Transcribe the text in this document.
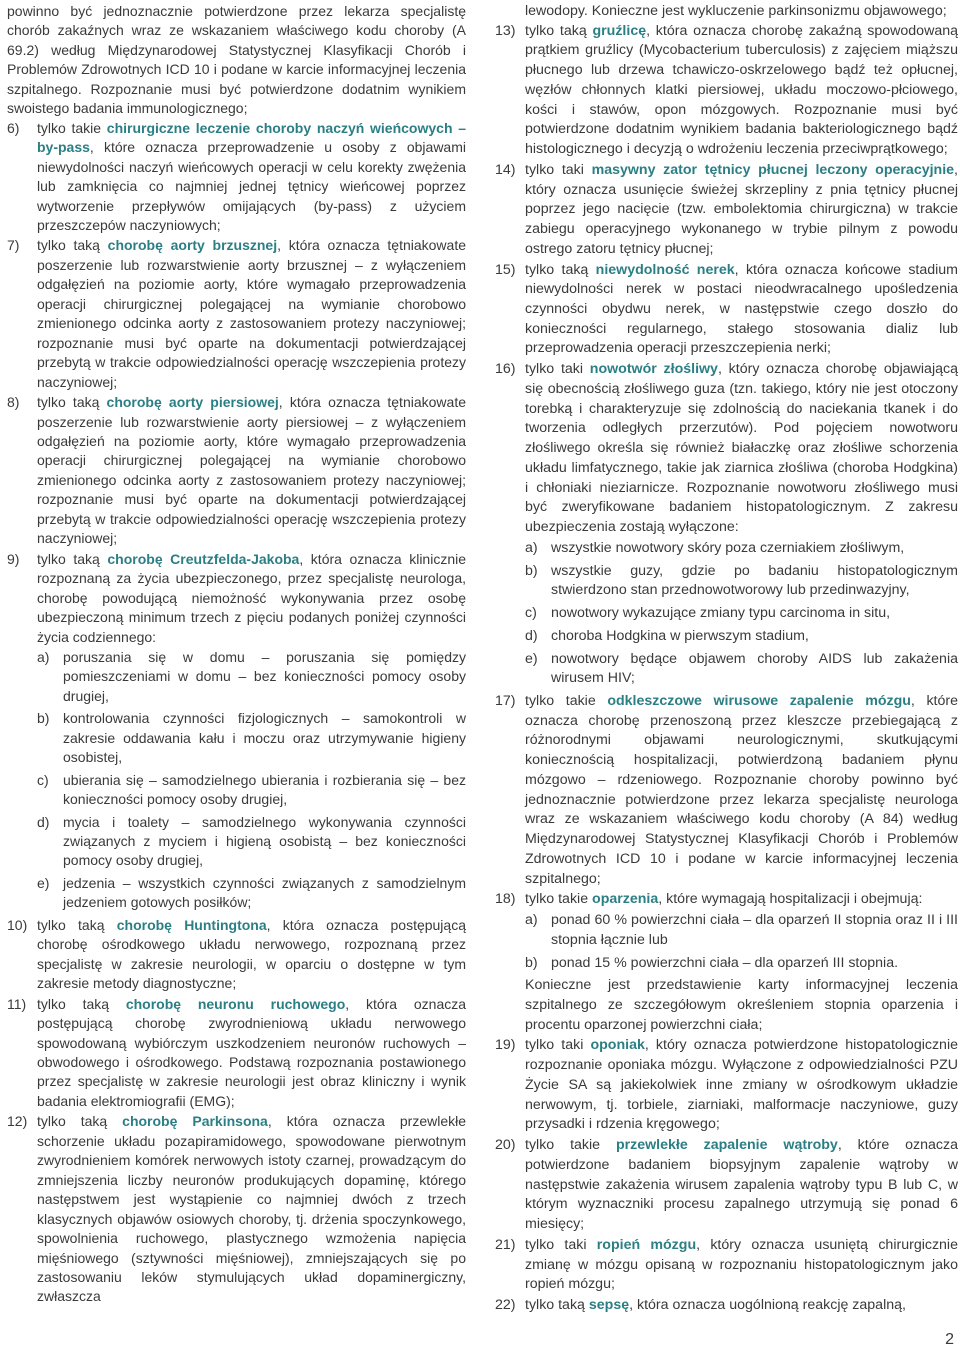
powinno być jednoznacznie potwierdzone przez lekarza specjalistę chorób zakaźnych wraz ze wskazaniem właściwego kodu choroby (A 69.2) według Międzynarodowej Statystycznej Klasyfikacji Chorób i Problemów Zdrowotnych ICD 10 i podane w karcie informacyjnej leczenia szpitalnego. Rozpoznanie musi być potwierdzone dodatnim wynikiem swoistego badania immunologicznego;

6) tylko takie chirurgiczne leczenie choroby naczyń wieńcowych – by-pass, które oznacza przeprowadzenie u osoby z objawami niewydolności naczyń wieńcowych operacji w celu korekty zwężenia lub zamknięcia co najmniej jednej tętnicy wieńcowej poprzez wytworzenie przepływów omijających (by-pass) z użyciem przeszczepów naczyniowych;
7) tylko taką chorobę aorty brzusznej, która oznacza tętniakowate poszerzenie lub rozwarstwienie aorty brzusznej – z wyłączeniem odgałęzień na poziomie aorty, które wymagało przeprowadzenia operacji chirurgicznej polegającej na wymianie chorobowo zmienionego odcinka aorty z zastosowaniem protezy naczyniowej; rozpoznanie musi być oparte na dokumentacji potwierdzającej przebytą w trakcie odpowiedzialności operację wszczepienia protezy naczyniowej;
8) tylko taką chorobę aorty piersiowej, która oznacza tętniakowate poszerzenie lub rozwarstwienie aorty piersiowej – z wyłączeniem odgałęzień na poziomie aorty, które wymagało przeprowadzenia operacji chirurgicznej polegającej na wymianie chorobowo zmienionego odcinka aorty z zastosowaniem protezy naczyniowej; rozpoznanie musi być oparte na dokumentacji potwierdzającej przebytą w trakcie odpowiedzialności operację wszczepienia protezy naczyniowej;
9) tylko taką chorobę Creutzfelda-Jakoba, która oznacza klinicznie rozpoznaną za życia ubezpieczonego, przez specjalistę neurologa, chorobę powodującą niemożność wykonywania przez osobę ubezpieczoną minimum trzech z pięciu podanych poniżej czynności życia codziennego:
a) poruszania się w domu – poruszania się pomiędzy pomieszczeniami w domu – bez konieczności pomocy osoby drugiej,
b) kontrolowania czynności fizjologicznych – samokontroli w zakresie oddawania kału i moczu oraz utrzymywanie higieny osobistej,
c) ubierania się – samodzielnego ubierania i rozbierania się – bez konieczności pomocy osoby drugiej,
d) mycia i toalety – samodzielnego wykonywania czynności związanych z myciem i higieną osobistą – bez konieczności pomocy osoby drugiej,
e) jedzenia – wszystkich czynności związanych z samodzielnym jedzeniem gotowych posiłków;
10) tylko taką chorobę Huntingtona, która oznacza postępującą chorobę ośrodkowego układu nerwowego, rozpoznaną przez specjalistę w zakresie neurologii, w oparciu o dostępne w tym zakresie metody diagnostyczne;
11) tylko taką chorobę neuronu ruchowego, która oznacza postępującą chorobę zwyrodnieniową układu nerwowego spowodowaną wybiórczym uszkodzeniem neuronów ruchowych – obwodowego i ośrodkowego. Podstawą rozpoznania postawionego przez specjalistę w zakresie neurologii jest obraz kliniczny i wynik badania elektromiografii (EMG);
12) tylko taką chorobę Parkinsona, która oznacza przewlekłe schorzenie układu pozapiramidowego, spowodowane pierwotnym zwyrodnieniem komórek nerwowych istoty czarnej, prowadzącym do zmniejszenia liczby neuronów produkujących dopaminę, którego następstwem jest wystąpienie co najmniej dwóch z trzech klasycznych objawów osiowych choroby, tj. drżenia spoczynkowego, spowolnienia ruchowego, plastycznego wzmożenia napięcia mięśniowego (sztywności mięśniowej), zmniejszających się po zastosowaniu leków stymulujących układ dopaminergiczny, zwłaszcza

lewodopy. Konieczne jest wykluczenie parkinsonizmu objawowego;

13) tylko taką gruźlicę, która oznacza chorobę zakaźną spowodowaną prątkiem gruźlicy (Mycobacterium tuberculosis) z zajęciem miąższu płucnego lub drzewa tchawiczo-oskrzelowego bądź też opłucnej, węzłów chłonnych klatki piersiowej, układu moczowo-płciowego, kości i stawów, opon mózgowych. Rozpoznanie musi być potwierdzone dodatnim wynikiem badania bakteriologicznego bądź histologicznego i decyzją o wdrożeniu leczenia przeciwprątkowego;
14) tylko taki masywny zator tętnicy płucnej leczony operacyjnie, który oznacza usunięcie świeżej skrzepliny z pnia tętnicy płucnej poprzez jego nacięcie (tzw. embolektomia chirurgiczna) w trakcie zabiegu operacyjnego wykonanego w trybie pilnym z powodu ostrego zatoru tętnicy płucnej;
15) tylko taką niewydolność nerek, która oznacza końcowe stadium niewydolności nerek w postaci nieodwracalnego upośledzenia czynności obydwu nerek, w następstwie czego doszło do konieczności regularnego, stałego stosowania dializ lub przeprowadzenia operacji przeszczepienia nerki;
16) tylko taki nowotwór złośliwy, który oznacza chorobę objawiającą się obecnością złośliwego guza (tzn. takiego, który nie jest otoczony torebką i charakteryzuje się zdolnością do naciekania tkanek i do tworzenia odległych przerzutów). Pod pojęciem nowotworu złośliwego określa się również białaczkę oraz złośliwe schorzenia układu limfatycznego, takie jak ziarnica złośliwa (choroba Hodgkina) i chłoniaki nieziarnicze. Rozpoznanie nowotworu złośliwego musi być zweryfikowane badaniem histopatologicznym. Z zakresu ubezpieczenia zostają wyłączone:
a) wszystkie nowotwory skóry poza czerniakiem złośliwym,
b) wszystkie guzy, gdzie po badaniu histopatologicznym stwierdzono stan przednowotworowy lub przedinwazyjny,
c) nowotwory wykazujące zmiany typu carcinoma in situ,
d) choroba Hodgkina w pierwszym stadium,
e) nowotwory będące objawem choroby AIDS lub zakażenia wirusem HIV;
17) tylko takie odkleszczowe wirusowe zapalenie mózgu, które oznacza chorobę przenoszoną przez kleszcze przebiegającą z różnorodnymi objawami neurologicznymi, skutkującymi koniecznością hospitalizacji, potwierdzoną badaniem płynu mózgowo – rdzeniowego. Rozpoznanie choroby powinno być jednoznacznie potwierdzone przez lekarza specjalistę neurologa wraz ze wskazaniem właściwego kodu choroby (A 84) według Międzynarodowej Statystycznej Klasyfikacji Chorób i Problemów Zdrowotnych ICD 10 i podane w karcie informacyjnej leczenia szpitalnego;
18) tylko takie oparzenia, które wymagają hospitalizacji i obejmują:
a) ponad 60 % powierzchni ciała – dla oparzeń II stopnia oraz II i III stopnia łącznie lub
b) ponad 15 % powierzchni ciała – dla oparzeń III stopnia.

Konieczne jest przedstawienie karty informacyjnej leczenia szpitalnego ze szczegółowym określeniem stopnia oparzenia i procentu oparzonej powierzchni ciała;

19) tylko taki oponiak, który oznacza potwierdzone histopatologicznie rozpoznanie oponiaka mózgu. Wyłączone z odpowiedzialności PZU Życie SA są jakiekolwiek inne zmiany w ośrodkowym układzie nerwowym, tj. torbiele, ziarniaki, malformacje naczyniowe, guzy przysadki i rdzenia kręgowego;
20) tylko takie przewlekłe zapalenie wątroby, które oznacza potwierdzone badaniem biopsyjnym zapalenie wątroby w następstwie zakażenia wirusem zapalenia wątroby typu B lub C, w którym wyznaczniki procesu zapalnego utrzymują się ponad 6 miesięcy;
21) tylko taki ropień mózgu, który oznacza usuniętą chirurgicznie zmianę w mózgu opisaną w rozpoznaniu histopatologicznym jako ropień mózgu;
22) tylko taką sepsę, która oznacza uogólnioną reakcję zapalną,
2
